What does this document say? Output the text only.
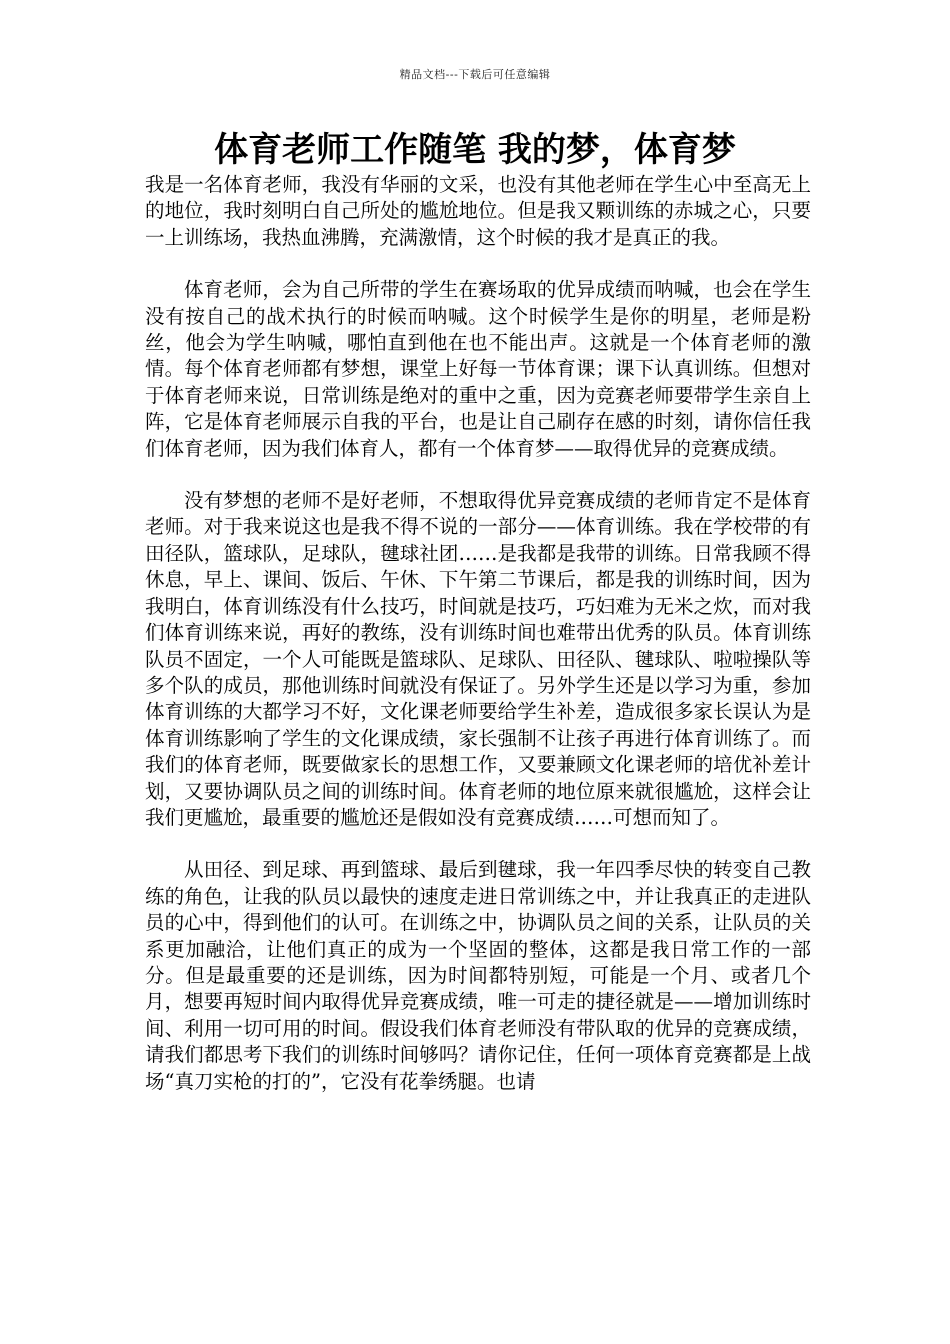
精品文档---下载后可任意编辑
体育老师工作随笔 我的梦，体育梦

我是一名体育老师，我没有华丽的文采，也没有其他老师在学生心中至高无上的地位，我时刻明白自己所处的尴尬地位。但是我又颗训练的赤城之心，只要一上训练场，我热血沸腾，充满激情，这个时候的我才是真正的我。

体育老师，会为自己所带的学生在赛场取的优异成绩而呐喊，也会在学生没有按自己的战术执行的时候而呐喊。这个时候学生是你的明星，老师是粉丝，他会为学生呐喊，哪怕直到他在也不能出声。这就是一个体育老师的激情。每个体育老师都有梦想，课堂上好每一节体育课；课下认真训练。但想对于体育老师来说，日常训练是绝对的重中之重，因为竞赛老师要带学生亲自上阵，它是体育老师展示自我的平台，也是让自己刷存在感的时刻，请你信任我们体育老师，因为我们体育人，都有一个体育梦——取得优异的竞赛成绩。

没有梦想的老师不是好老师，不想取得优异竞赛成绩的老师肯定不是体育老师。对于我来说这也是我不得不说的一部分——体育训练。我在学校带的有田径队，篮球队，足球队，毽球社团……是我都是我带的训练。日常我顾不得休息，早上、课间、饭后、午休、下午第二节课后，都是我的训练时间，因为我明白，体育训练没有什么技巧，时间就是技巧，巧妇难为无米之炊，而对我们体育训练来说，再好的教练，没有训练时间也难带出优秀的队员。体育训练队员不固定，一个人可能既是篮球队、足球队、田径队、毽球队、啦啦操队等多个队的成员，那他训练时间就没有保证了。另外学生还是以学习为重，参加体育训练的大都学习不好，文化课老师要给学生补差，造成很多家长误认为是体育训练影响了学生的文化课成绩，家长强制不让孩子再进行体育训练了。而我们的体育老师，既要做家长的思想工作，又要兼顾文化课老师的培优补差计划，又要协调队员之间的训练时间。体育老师的地位原来就很尴尬，这样会让我们更尴尬，最重要的尴尬还是假如没有竞赛成绩……可想而知了。

从田径、到足球、再到篮球、最后到毽球，我一年四季尽快的转变自己教练的角色，让我的队员以最快的速度走进日常训练之中，并让我真正的走进队员的心中，得到他们的认可。在训练之中，协调队员之间的关系，让队员的关系更加融洽，让他们真正的成为一个坚固的整体，这都是我日常工作的一部分。但是最重要的还是训练，因为时间都特别短，可能是一个月、或者几个月，想要再短时间内取得优异竞赛成绩，唯一可走的捷径就是——增加训练时间、利用一切可用的时间。假设我们体育老师没有带队取的优异的竞赛成绩，请我们都思考下我们的训练时间够吗？请你记住，任何一项体育竞赛都是上战场“真刀实枪的打的”，它没有花拳绣腿。也请
